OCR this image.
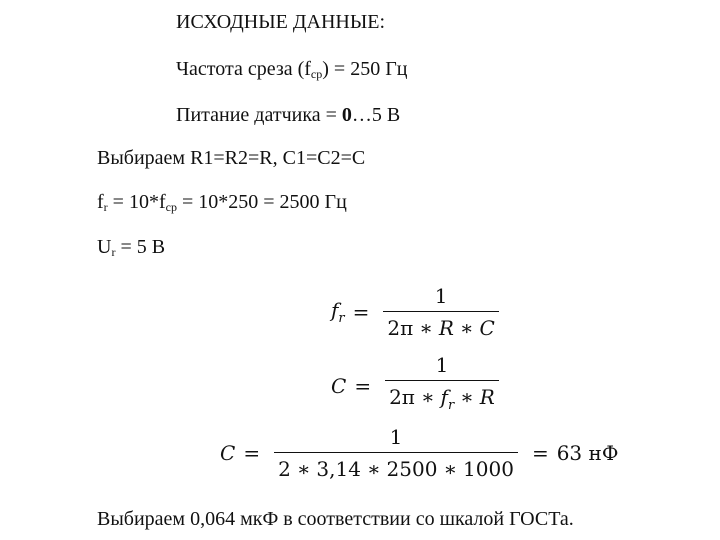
ИСХОДНЫЕ ДАННЫЕ:
Частота среза $(f_{ср}) = 250$ Гц
Питание датчика = 0…5 В
Выбираем R1=R2=R, C1=C2=C
$f_r = 10*f_{ср} = 10*250 = 2500$ Гц
$U_r = 5$ В
$f_r = \frac{1}{2\pi ∗ R ∗ C}$
$C = \frac{1}{2\pi ∗ f_r ∗ R}$
$C = \frac{1}{2 ∗ 3,14 ∗ 2500 ∗ 1000} = 63$ нФ
Выбираем 0,064 мкФ в соответствии со шкалой ГОСТа.
